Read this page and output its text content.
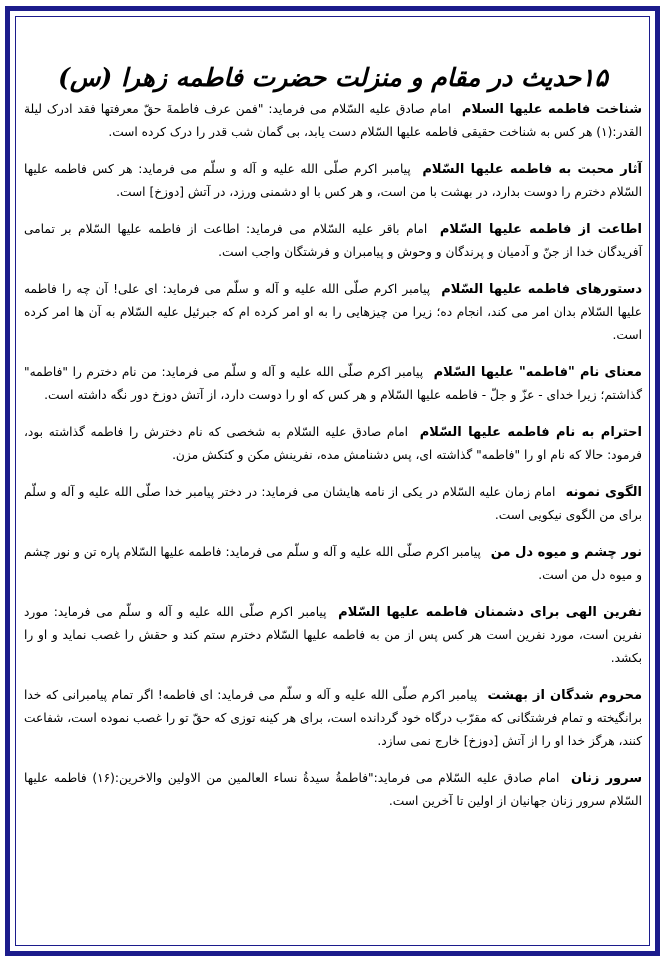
۱۵حدیث در مقام و منزلت حضرت فاطمه زهرا (س)

شناخت فاطمه علیها السلام امام صادق علیه السّلام می فرماید: "فمن عرف فاطمةَ حقّ معرفتها فقد ادرک لیلة القدر:(۱) هر کس به شناخت حقیقی فاطمه علیها السّلام دست یابد، بی گمان شب قدر را درک کرده است.

آثار محبت به فاطمه علیها السّلام پیامبر اکرم صلّی الله علیه و آله و سلّم می فرماید: هر کس فاطمه علیها السّلام دخترم را دوست بدارد، در بهشت با من است، و هر کس با او دشمنی ورزد، در آتش [دوزخ] است.

اطاعت از فاطمه علیها السّلام امام باقر علیه السّلام می فرماید: اطاعت از فاطمه علیها السّلام بر تمامی آفریدگان خدا از جنّ و آدمیان و پرندگان و وحوش و پیامبران و فرشتگان واجب است.

دستورهای فاطمه علیها السّلام پیامبر اکرم صلّی الله علیه و آله و سلّم می فرماید: ای علی! آن چه را فاطمه علیها السّلام بدان امر می کند، انجام ده؛ زیرا من چیزهایی را به او امر کرده ام که جبرئیل علیه السّلام به آن ها امر کرده است.

معنای نام "فاطمه" علیها السّلام پیامبر اکرم صلّی الله علیه و آله و سلّم می فرماید: من نام دخترم را "فاطمه" گذاشتم؛ زیرا خدای - عزّ و جلّ - فاطمه علیها السّلام و هر کس که او را دوست دارد، از آتش دوزخ دور نگه داشته است.

احترام به نام فاطمه علیها السّلام امام صادق علیه السّلام به شخصی که نام دخترش را فاطمه گذاشته بود، فرمود: حالا که نام او را "فاطمه" گذاشته ای، پس دشنامش مده، نفرینش مکن و کتکش مزن.

الگوی نمونه امام زمان علیه السّلام در یکی از نامه هایشان می فرماید: در دختر پیامبر خدا صلّی الله علیه و آله و سلّم برای من الگوی نیکویی است.

نور چشم و میوه دل من پیامبر اکرم صلّی الله علیه و آله و سلّم می فرماید: فاطمه علیها السّلام پاره تن و نور چشم و میوه دل من است.

نفرین الهی برای دشمنان فاطمه علیها السّلام پیامبر اکرم صلّی الله علیه و آله و سلّم می فرماید: مورد نفرین است، مورد نفرین است هر کس پس از من به فاطمه علیها السّلام دخترم ستم کند و حقش را غصب نماید و او را بکشد.

محروم شدگان از بهشت پیامبر اکرم صلّی الله علیه و آله و سلّم می فرماید: ای فاطمه! اگر تمام پیامبرانی که خدا برانگیخته و تمام فرشتگانی که مقرّب درگاه خود گردانده است، برای هر کینه توزی که حقّ تو را غصب نموده است، شفاعت کنند، هرگز خدا او را از آتش [دوزخ] خارج نمی سازد.

سرور زنان امام صادق علیه السّلام می فرماید:"فاطمةُ سیدةُ نساء العالمین من الاولین والاخرین:(۱۶) فاطمه علیها السّلام سرور زنان جهانیان از اولین تا آخرین است.
